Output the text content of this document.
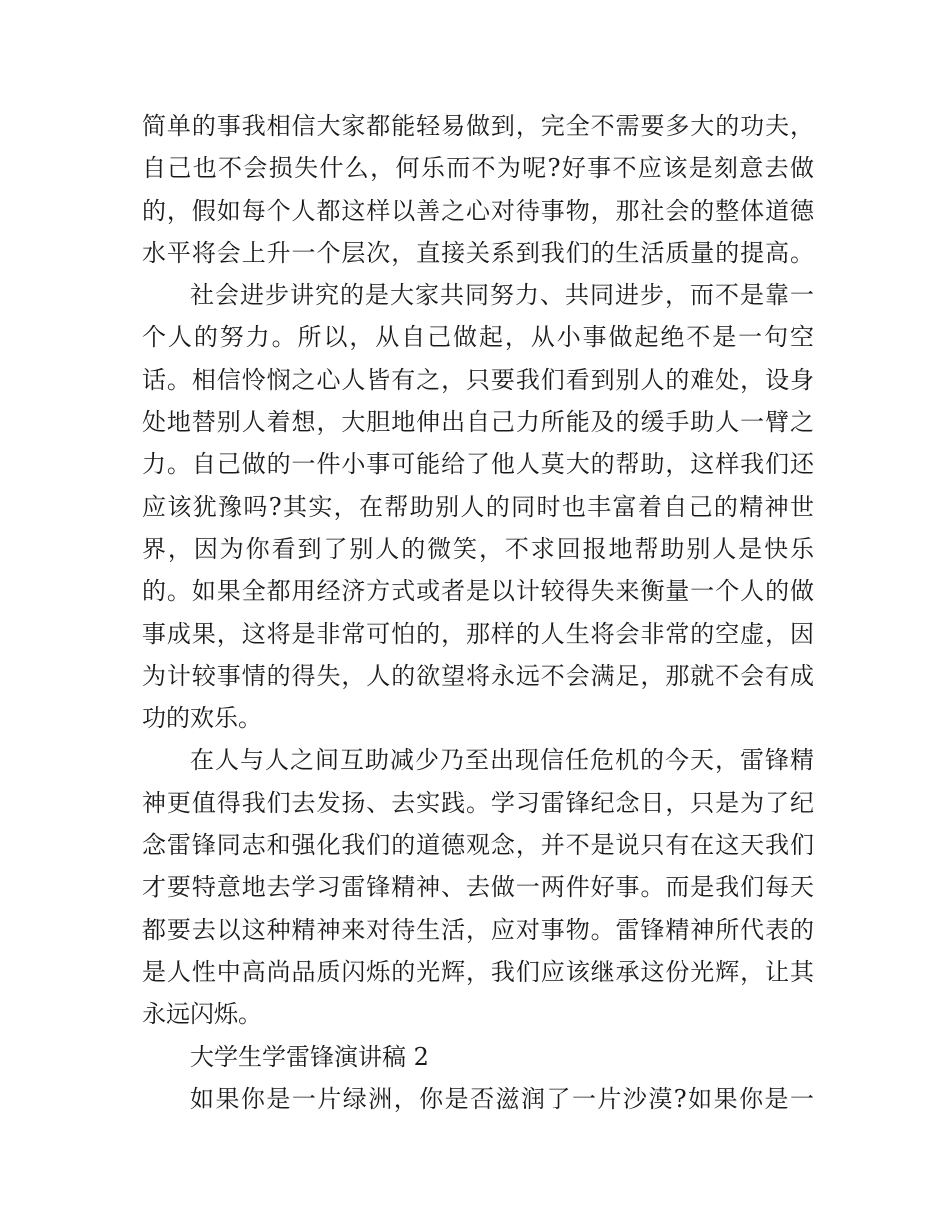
简单的事我相信大家都能轻易做到，完全不需要多大的功夫，
自己也不会损失什么，何乐而不为呢?好事不应该是刻意去做
的，假如每个人都这样以善之心对待事物，那社会的整体道德
水平将会上升一个层次，直接关系到我们的生活质量的提高。
社会进步讲究的是大家共同努力、共同进步，而不是靠一
个人的努力。所以，从自己做起，从小事做起绝不是一句空
话。相信怜悯之心人皆有之，只要我们看到别人的难处，设身
处地替别人着想，大胆地伸出自己力所能及的缓手助人一臂之
力。自己做的一件小事可能给了他人莫大的帮助，这样我们还
应该犹豫吗?其实，在帮助别人的同时也丰富着自己的精神世
界，因为你看到了别人的微笑，不求回报地帮助别人是快乐
的。如果全都用经济方式或者是以计较得失来衡量一个人的做
事成果，这将是非常可怕的，那样的人生将会非常的空虚，因
为计较事情的得失，人的欲望将永远不会满足，那就不会有成
功的欢乐。
在人与人之间互助减少乃至出现信任危机的今天，雷锋精
神更值得我们去发扬、去实践。学习雷锋纪念日，只是为了纪
念雷锋同志和强化我们的道德观念，并不是说只有在这天我们
才要特意地去学习雷锋精神、去做一两件好事。而是我们每天
都要去以这种精神来对待生活，应对事物。雷锋精神所代表的
是人性中高尚品质闪烁的光辉，我们应该继承这份光辉，让其
永远闪烁。
大学生学雷锋演讲稿 2
如果你是一片绿洲，你是否滋润了一片沙漠?如果你是一
